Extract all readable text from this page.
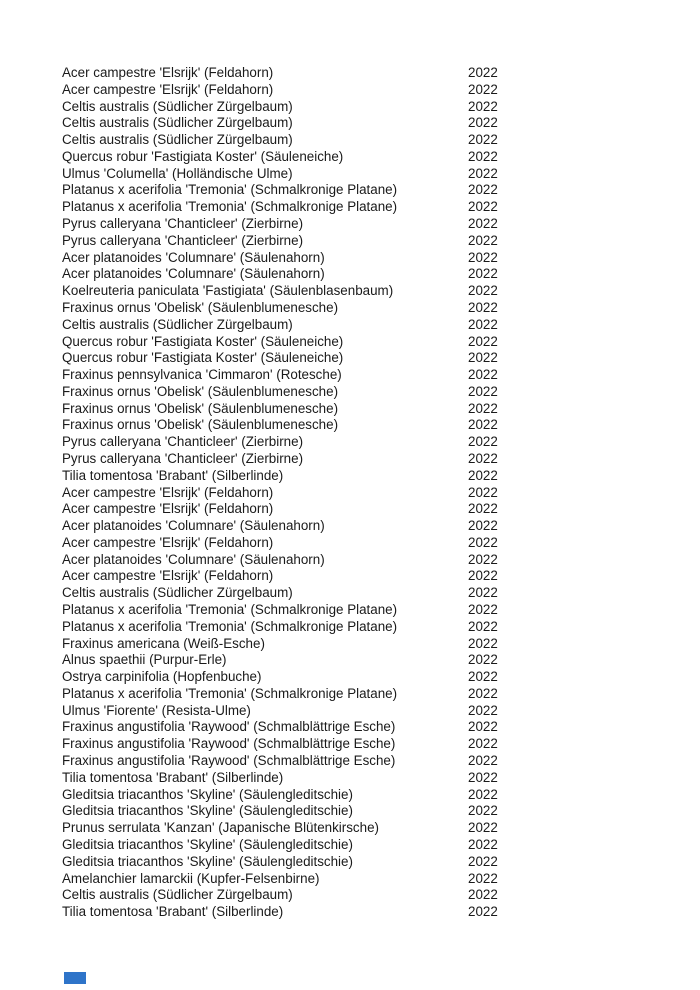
Acer campestre 'Elsrijk' (Feldahorn)	2022
Acer campestre 'Elsrijk' (Feldahorn)	2022
Celtis australis (Südlicher Zürgelbaum)	2022
Celtis australis (Südlicher Zürgelbaum)	2022
Celtis australis (Südlicher Zürgelbaum)	2022
Quercus robur 'Fastigiata Koster' (Säuleneiche)	2022
Ulmus 'Columella' (Holländische Ulme)	2022
Platanus x acerifolia 'Tremonia' (Schmalkronige Platane)	2022
Platanus x acerifolia 'Tremonia' (Schmalkronige Platane)	2022
Pyrus calleryana 'Chanticleer' (Zierbirne)	2022
Pyrus calleryana 'Chanticleer' (Zierbirne)	2022
Acer platanoides 'Columnare' (Säulenahorn)	2022
Acer platanoides 'Columnare' (Säulenahorn)	2022
Koelreuteria paniculata 'Fastigiata' (Säulenblasenbaum)	2022
Fraxinus ornus 'Obelisk' (Säulenblumenesche)	2022
Celtis australis (Südlicher Zürgelbaum)	2022
Quercus robur 'Fastigiata Koster' (Säuleneiche)	2022
Quercus robur 'Fastigiata Koster' (Säuleneiche)	2022
Fraxinus pennsylvanica 'Cimmaron' (Rotesche)	2022
Fraxinus ornus 'Obelisk' (Säulenblumenesche)	2022
Fraxinus ornus 'Obelisk' (Säulenblumenesche)	2022
Fraxinus ornus 'Obelisk' (Säulenblumenesche)	2022
Pyrus calleryana 'Chanticleer' (Zierbirne)	2022
Pyrus calleryana 'Chanticleer' (Zierbirne)	2022
Tilia tomentosa 'Brabant' (Silberlinde)	2022
Acer campestre 'Elsrijk' (Feldahorn)	2022
Acer campestre 'Elsrijk' (Feldahorn)	2022
Acer platanoides 'Columnare' (Säulenahorn)	2022
Acer campestre 'Elsrijk' (Feldahorn)	2022
Acer platanoides 'Columnare' (Säulenahorn)	2022
Acer campestre 'Elsrijk' (Feldahorn)	2022
Celtis australis (Südlicher Zürgelbaum)	2022
Platanus x acerifolia 'Tremonia' (Schmalkronige Platane)	2022
Platanus x acerifolia 'Tremonia' (Schmalkronige Platane)	2022
Fraxinus americana (Weiß-Esche)	2022
Alnus spaethii (Purpur-Erle)	2022
Ostrya carpinifolia (Hopfenbuche)	2022
Platanus x acerifolia 'Tremonia' (Schmalkronige Platane)	2022
Ulmus 'Fiorente' (Resista-Ulme)	2022
Fraxinus angustifolia 'Raywood' (Schmalblättrige Esche)	2022
Fraxinus angustifolia 'Raywood' (Schmalblättrige Esche)	2022
Fraxinus angustifolia 'Raywood' (Schmalblättrige Esche)	2022
Tilia tomentosa 'Brabant' (Silberlinde)	2022
Gleditsia triacanthos 'Skyline' (Säulengleditschie)	2022
Gleditsia triacanthos 'Skyline' (Säulengleditschie)	2022
Prunus serrulata 'Kanzan' (Japanische Blütenkirsche)	2022
Gleditsia triacanthos 'Skyline' (Säulengleditschie)	2022
Gleditsia triacanthos 'Skyline' (Säulengleditschie)	2022
Amelanchier lamarckii (Kupfer-Felsenbirne)	2022
Celtis australis (Südlicher Zürgelbaum)	2022
Tilia tomentosa 'Brabant' (Silberlinde)	2022
